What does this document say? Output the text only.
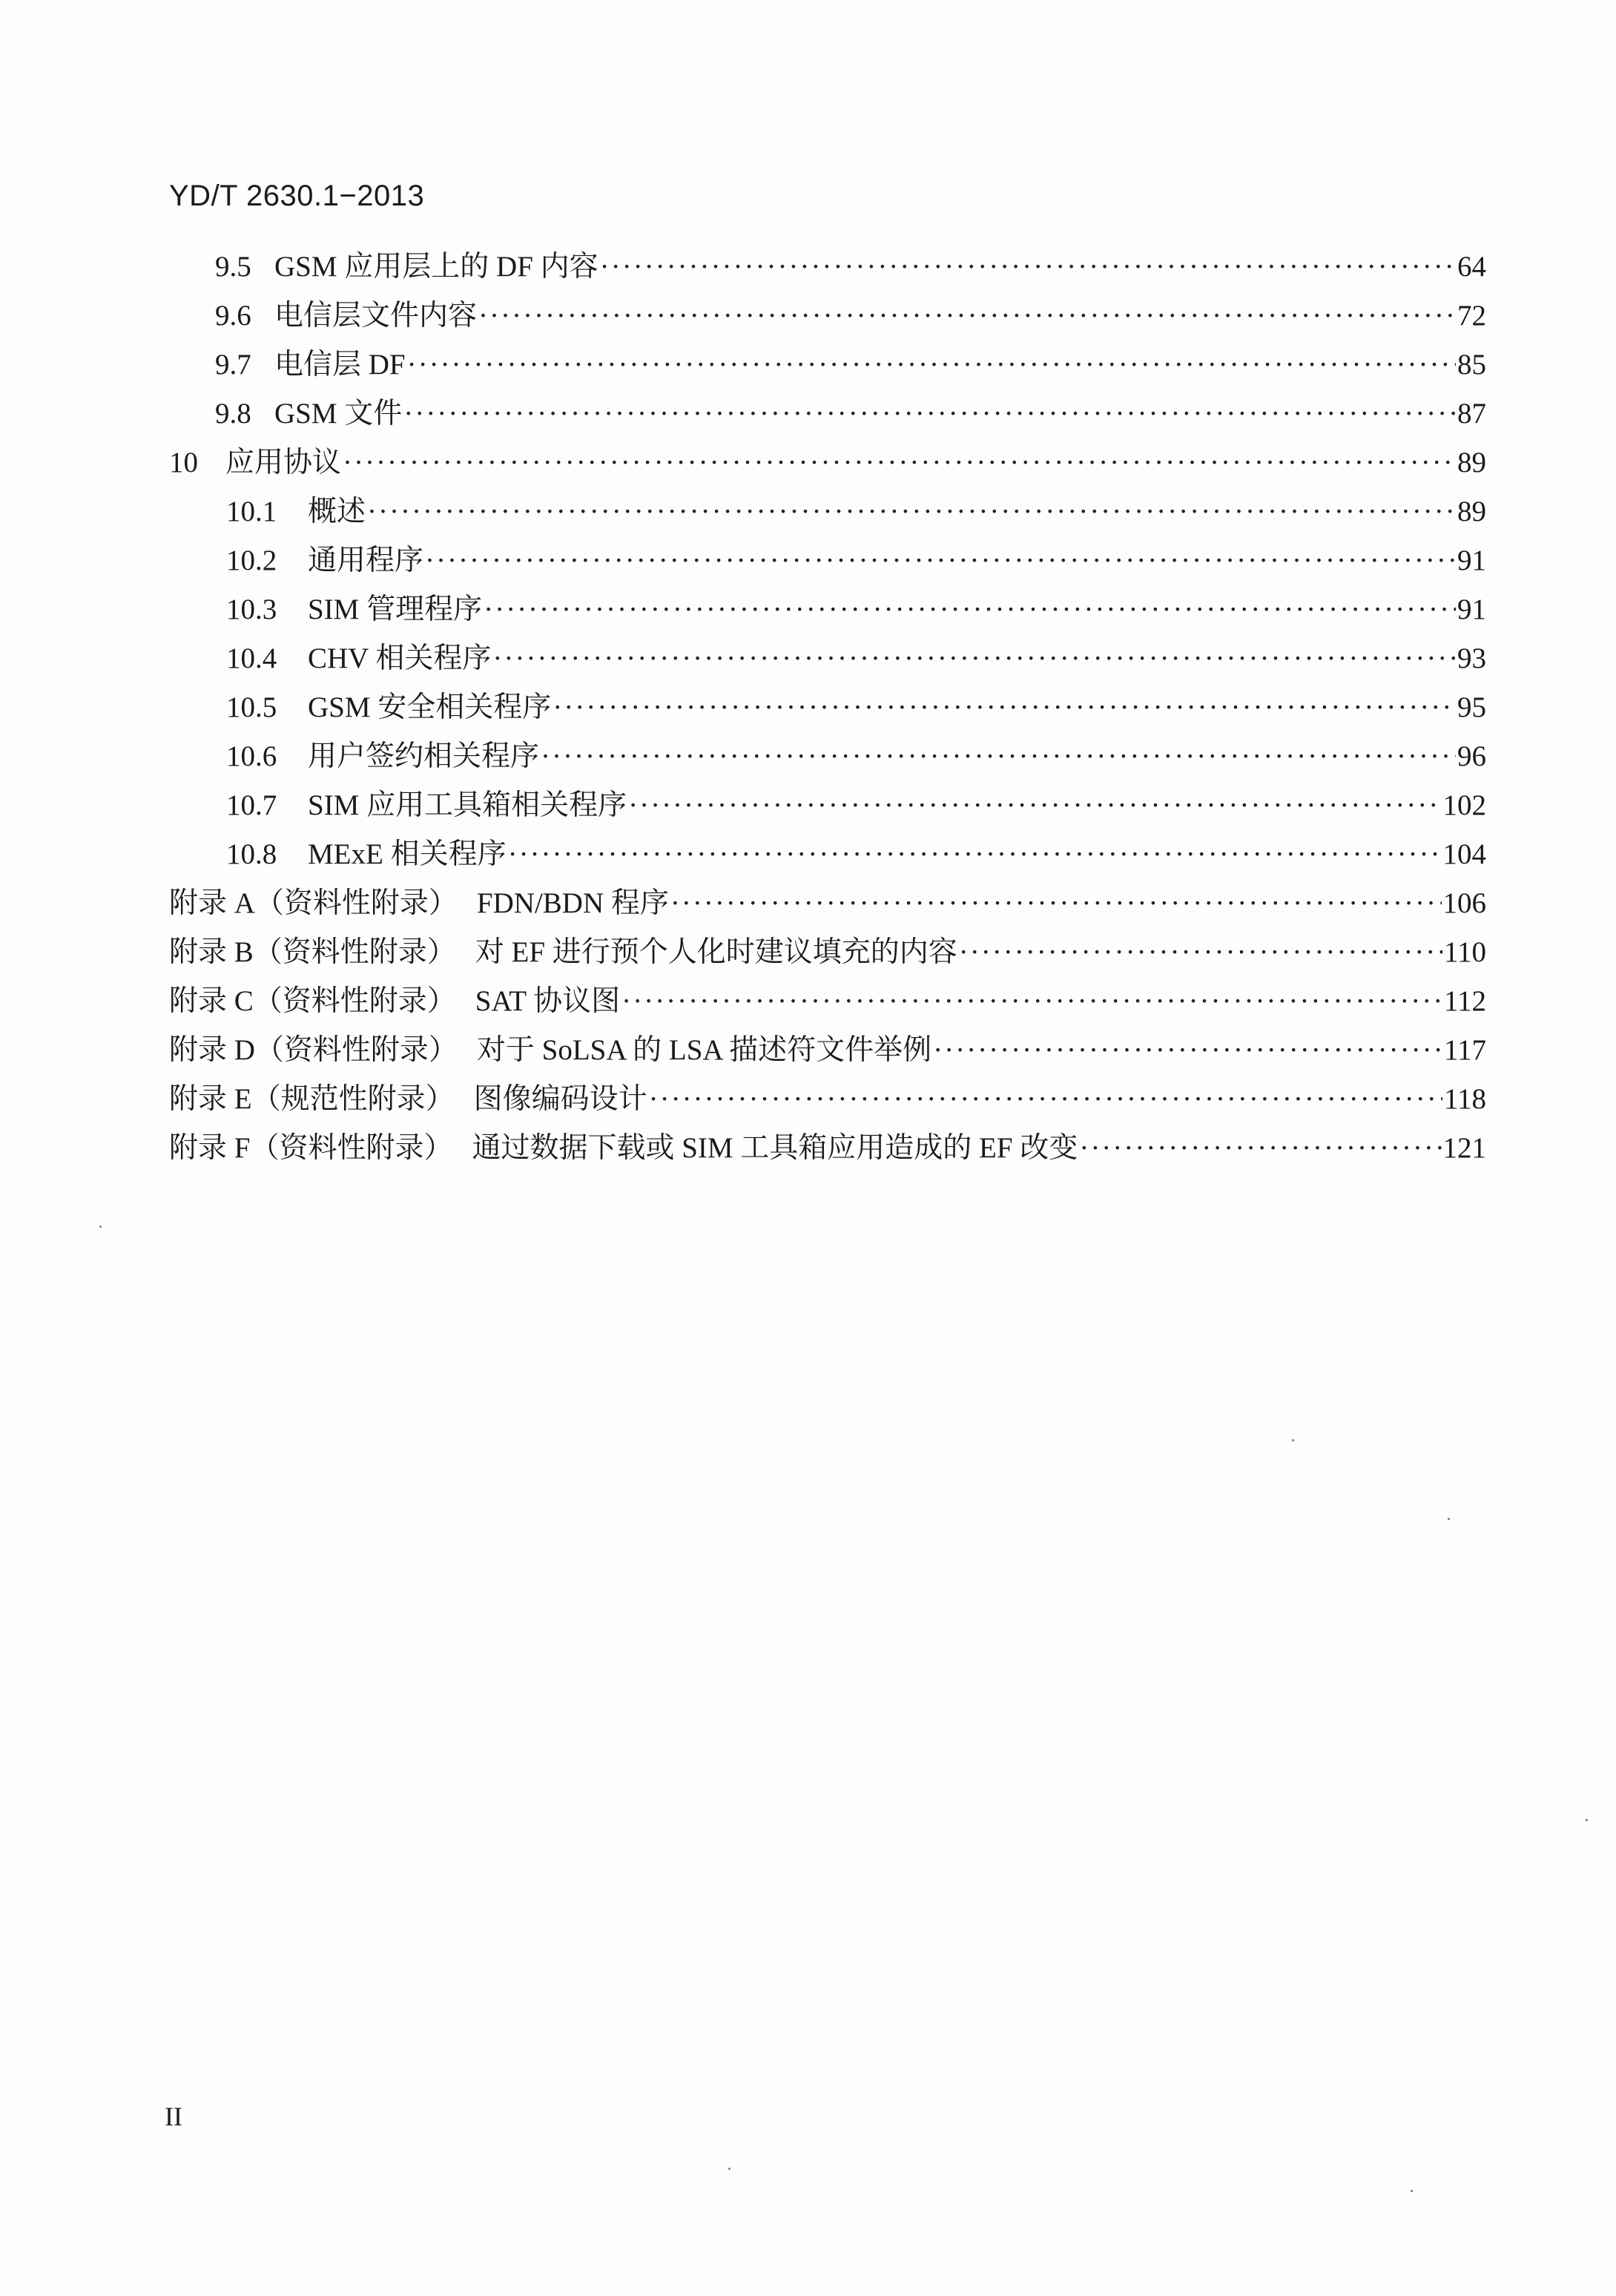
YD/T 2630.1−2013
9.5 GSM 应用层上的 DF 内容 ·····	64
9.6 电信层文件内容 ·····	72
9.7 电信层 DF ·····	85
9.8 GSM 文件 ·····	87
10 应用协议 ·····	89
10.1	概述 ·····	89
10.2	通用程序 ·····	91
10.3	SIM 管理程序 ·····	91
10.4	CHV 相关程序 ·····	93
10.5	GSM 安全相关程序 ·····	95
10.6	用户签约相关程序 ·····	96
10.7	SIM 应用工具箱相关程序 ·····	102
10.8	MExE 相关程序 ·····	104
附录 A（资料性附录） FDN/BDN 程序 ·····	106
附录 B（资料性附录） 对 EF 进行预个人化时建议填充的内容 ·····	110
附录 C（资料性附录） SAT 协议图 ·····	112
附录 D（资料性附录） 对于 SoLSA 的 LSA 描述符文件举例 ·····	117
附录 E（规范性附录） 图像编码设计 ·····	118
附录 F（资料性附录） 通过数据下载或 SIM 工具箱应用造成的 EF 改变 ·····	121
II
